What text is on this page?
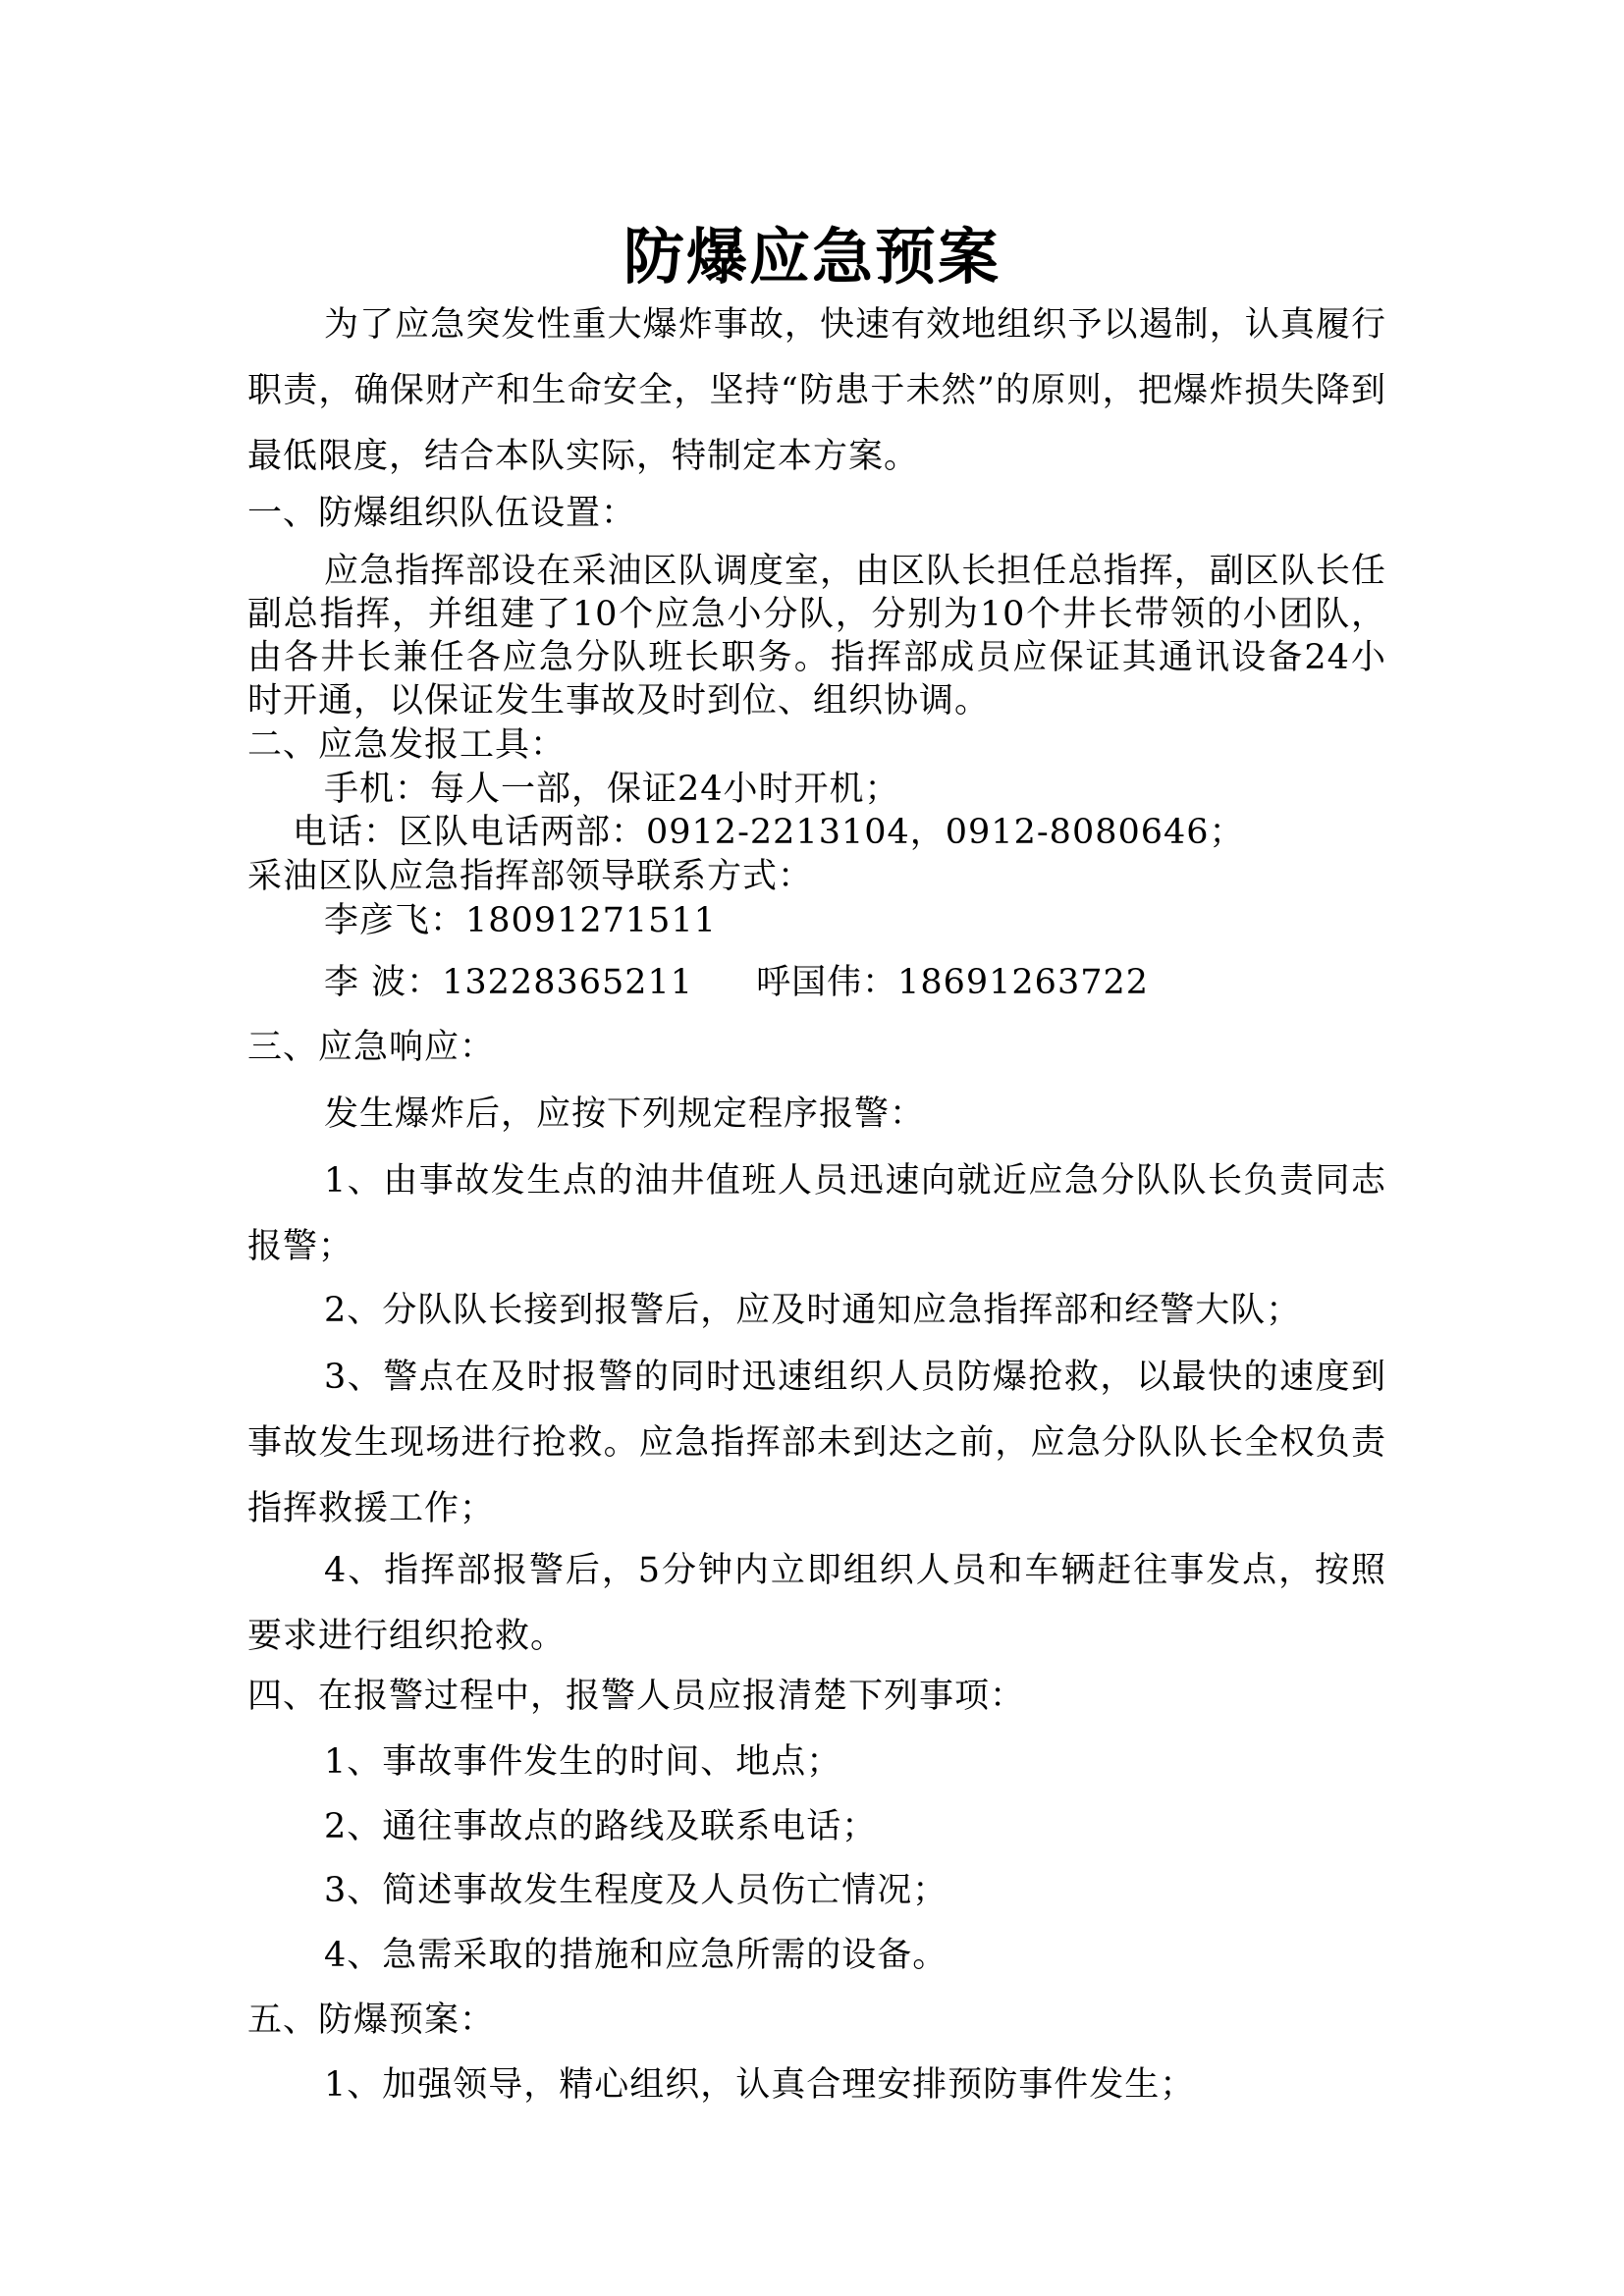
防爆应急预案

为了应急突发性重大爆炸事故，快速有效地组织予以遏制，认真履行职责，确保财产和生命安全，坚持“防患于未然”的原则，把爆炸损失降到最低限度，结合本队实际，特制定本方案。

一、防爆组织队伍设置：

应急指挥部设在采油区队调度室，由区队长担任总指挥，副区队长任副总指挥，并组建了10个应急小分队，分别为10个井长带领的小团队，由各井长兼任各应急分队班长职务。指挥部成员应保证其通讯设备24小时开通，以保证发生事故及时到位、组织协调。

二、应急发报工具：

手机：每人一部，保证24小时开机；

电话：区队电话两部：0912-2213104，0912-8080646；

采油区队应急指挥部领导联系方式：

李彦飞：18091271511

李 波：13228365211 呼国伟：18691263722

三、应急响应：

发生爆炸后，应按下列规定程序报警：

1、由事故发生点的油井值班人员迅速向就近应急分队队长负责同志报警；

2、分队队长接到报警后，应及时通知应急指挥部和经警大队；

3、警点在及时报警的同时迅速组织人员防爆抢救，以最快的速度到事故发生现场进行抢救。应急指挥部未到达之前，应急分队队长全权负责指挥救援工作；

4、指挥部报警后，5分钟内立即组织人员和车辆赶往事发点，按照要求进行组织抢救。

四、在报警过程中，报警人员应报清楚下列事项：

1、事故事件发生的时间、地点；

2、通往事故点的路线及联系电话；

3、简述事故发生程度及人员伤亡情况；

4、急需采取的措施和应急所需的设备。

五、防爆预案：

1、加强领导，精心组织，认真合理安排预防事件发生；
